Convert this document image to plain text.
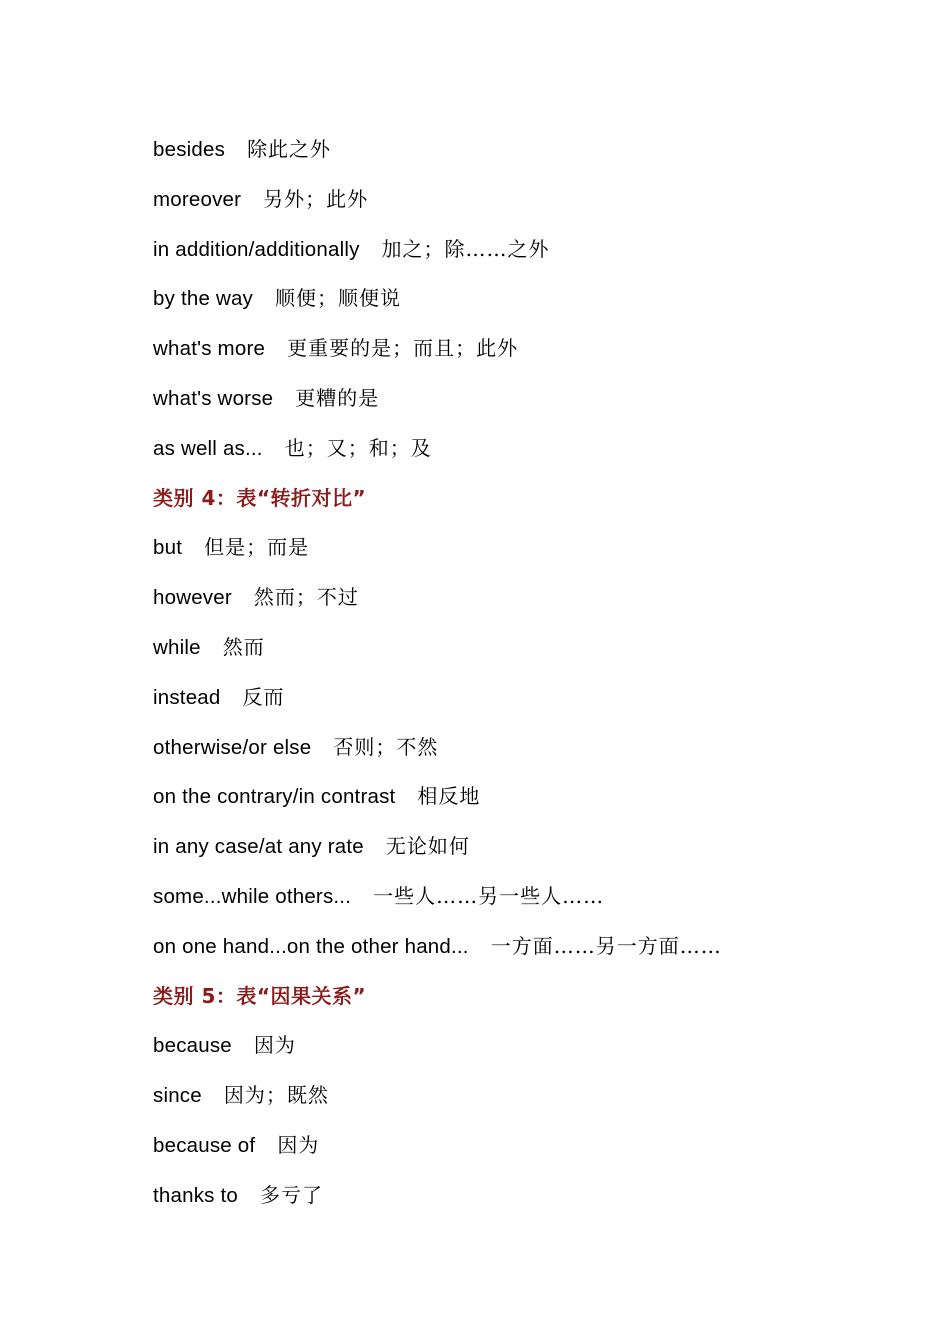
besides 除此之外
moreover 另外；此外
in addition/additionally 加之；除……之外
by the way 顺便；顺便说
what's more 更重要的是；而且；此外
what's worse 更糟的是
as well as... 也；又；和；及
类别 4：表“转折对比”
but 但是；而是
however 然而；不过
while 然而
instead 反而
otherwise/or else 否则；不然
on the contrary/in contrast 相反地
in any case/at any rate 无论如何
some...while others... 一些人……另一些人……
on one hand...on the other hand... 一方面……另一方面……
类别 5：表“因果关系”
because 因为
since 因为；既然
because of 因为
thanks to 多亏了
